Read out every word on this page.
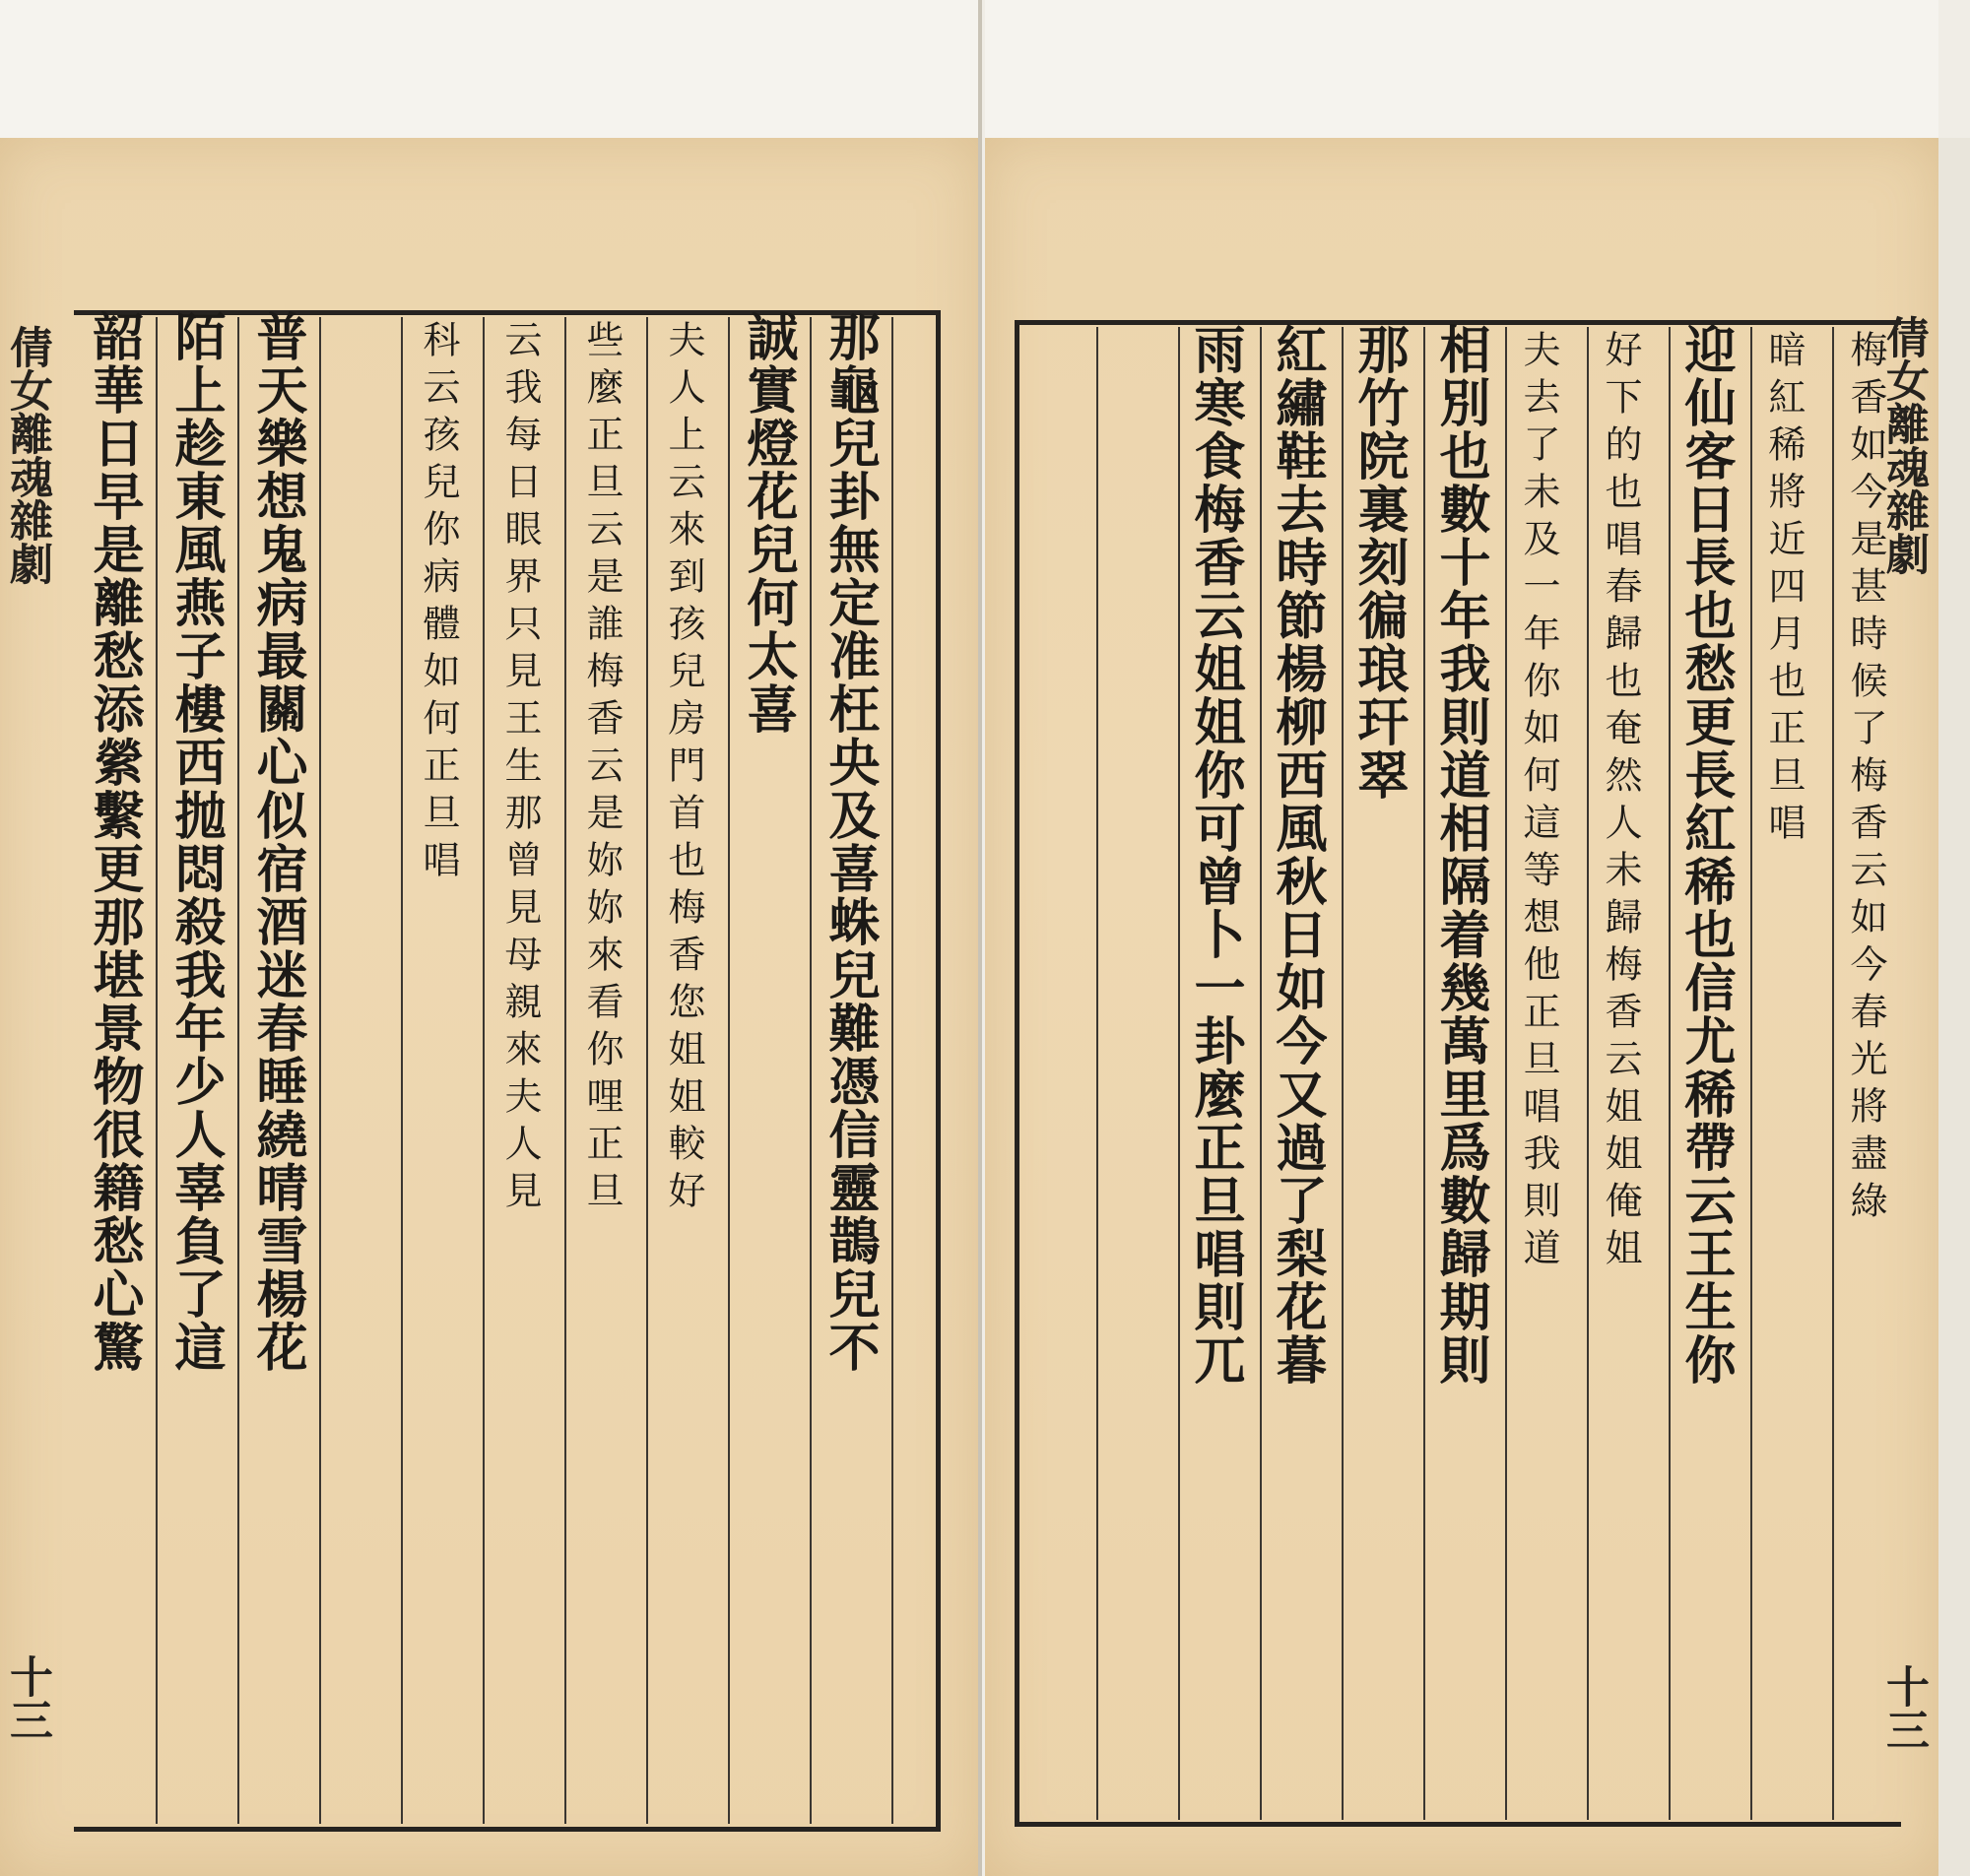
倩女離魂雜劇
十三
那龜兒卦無定准枉央及喜蛛兒難憑信靈鵲兒不
誠實燈花兒何太喜
夫人上云來到孩兒房門首也梅香您姐姐較好
些麼正旦云是誰梅香云是妳妳來看你哩正旦
云我每日眼界只見王生那曾見母親來夫人見
科云孩兒你病體如何正旦唱
普天樂想鬼病最關心似宿酒迷春睡繞晴雪楊花
陌上趁東風燕子樓西抛悶殺我年少人辜負了這
韶華日早是離愁添縈繫更那堪景物很籍愁心驚	倩女離魂雜劇
十三
梅香如今是甚時候了梅香云如今春光將盡綠
暗紅稀將近四月也正旦唱
迎仙客日長也愁更長紅稀也信尤稀帶云王生你
好下的也唱春歸也奄然人未歸梅香云姐姐俺姐
夫去了未及一年你如何這等想他正旦唱我則道
相別也數十年我則道相隔着幾萬里爲數歸期則
那竹院裏刻徧琅玕翠
紅繡鞋去時節楊柳西風秋日如今又過了梨花暮
雨寒食梅香云姐姐你可曾卜一卦麼正旦唱則兀
